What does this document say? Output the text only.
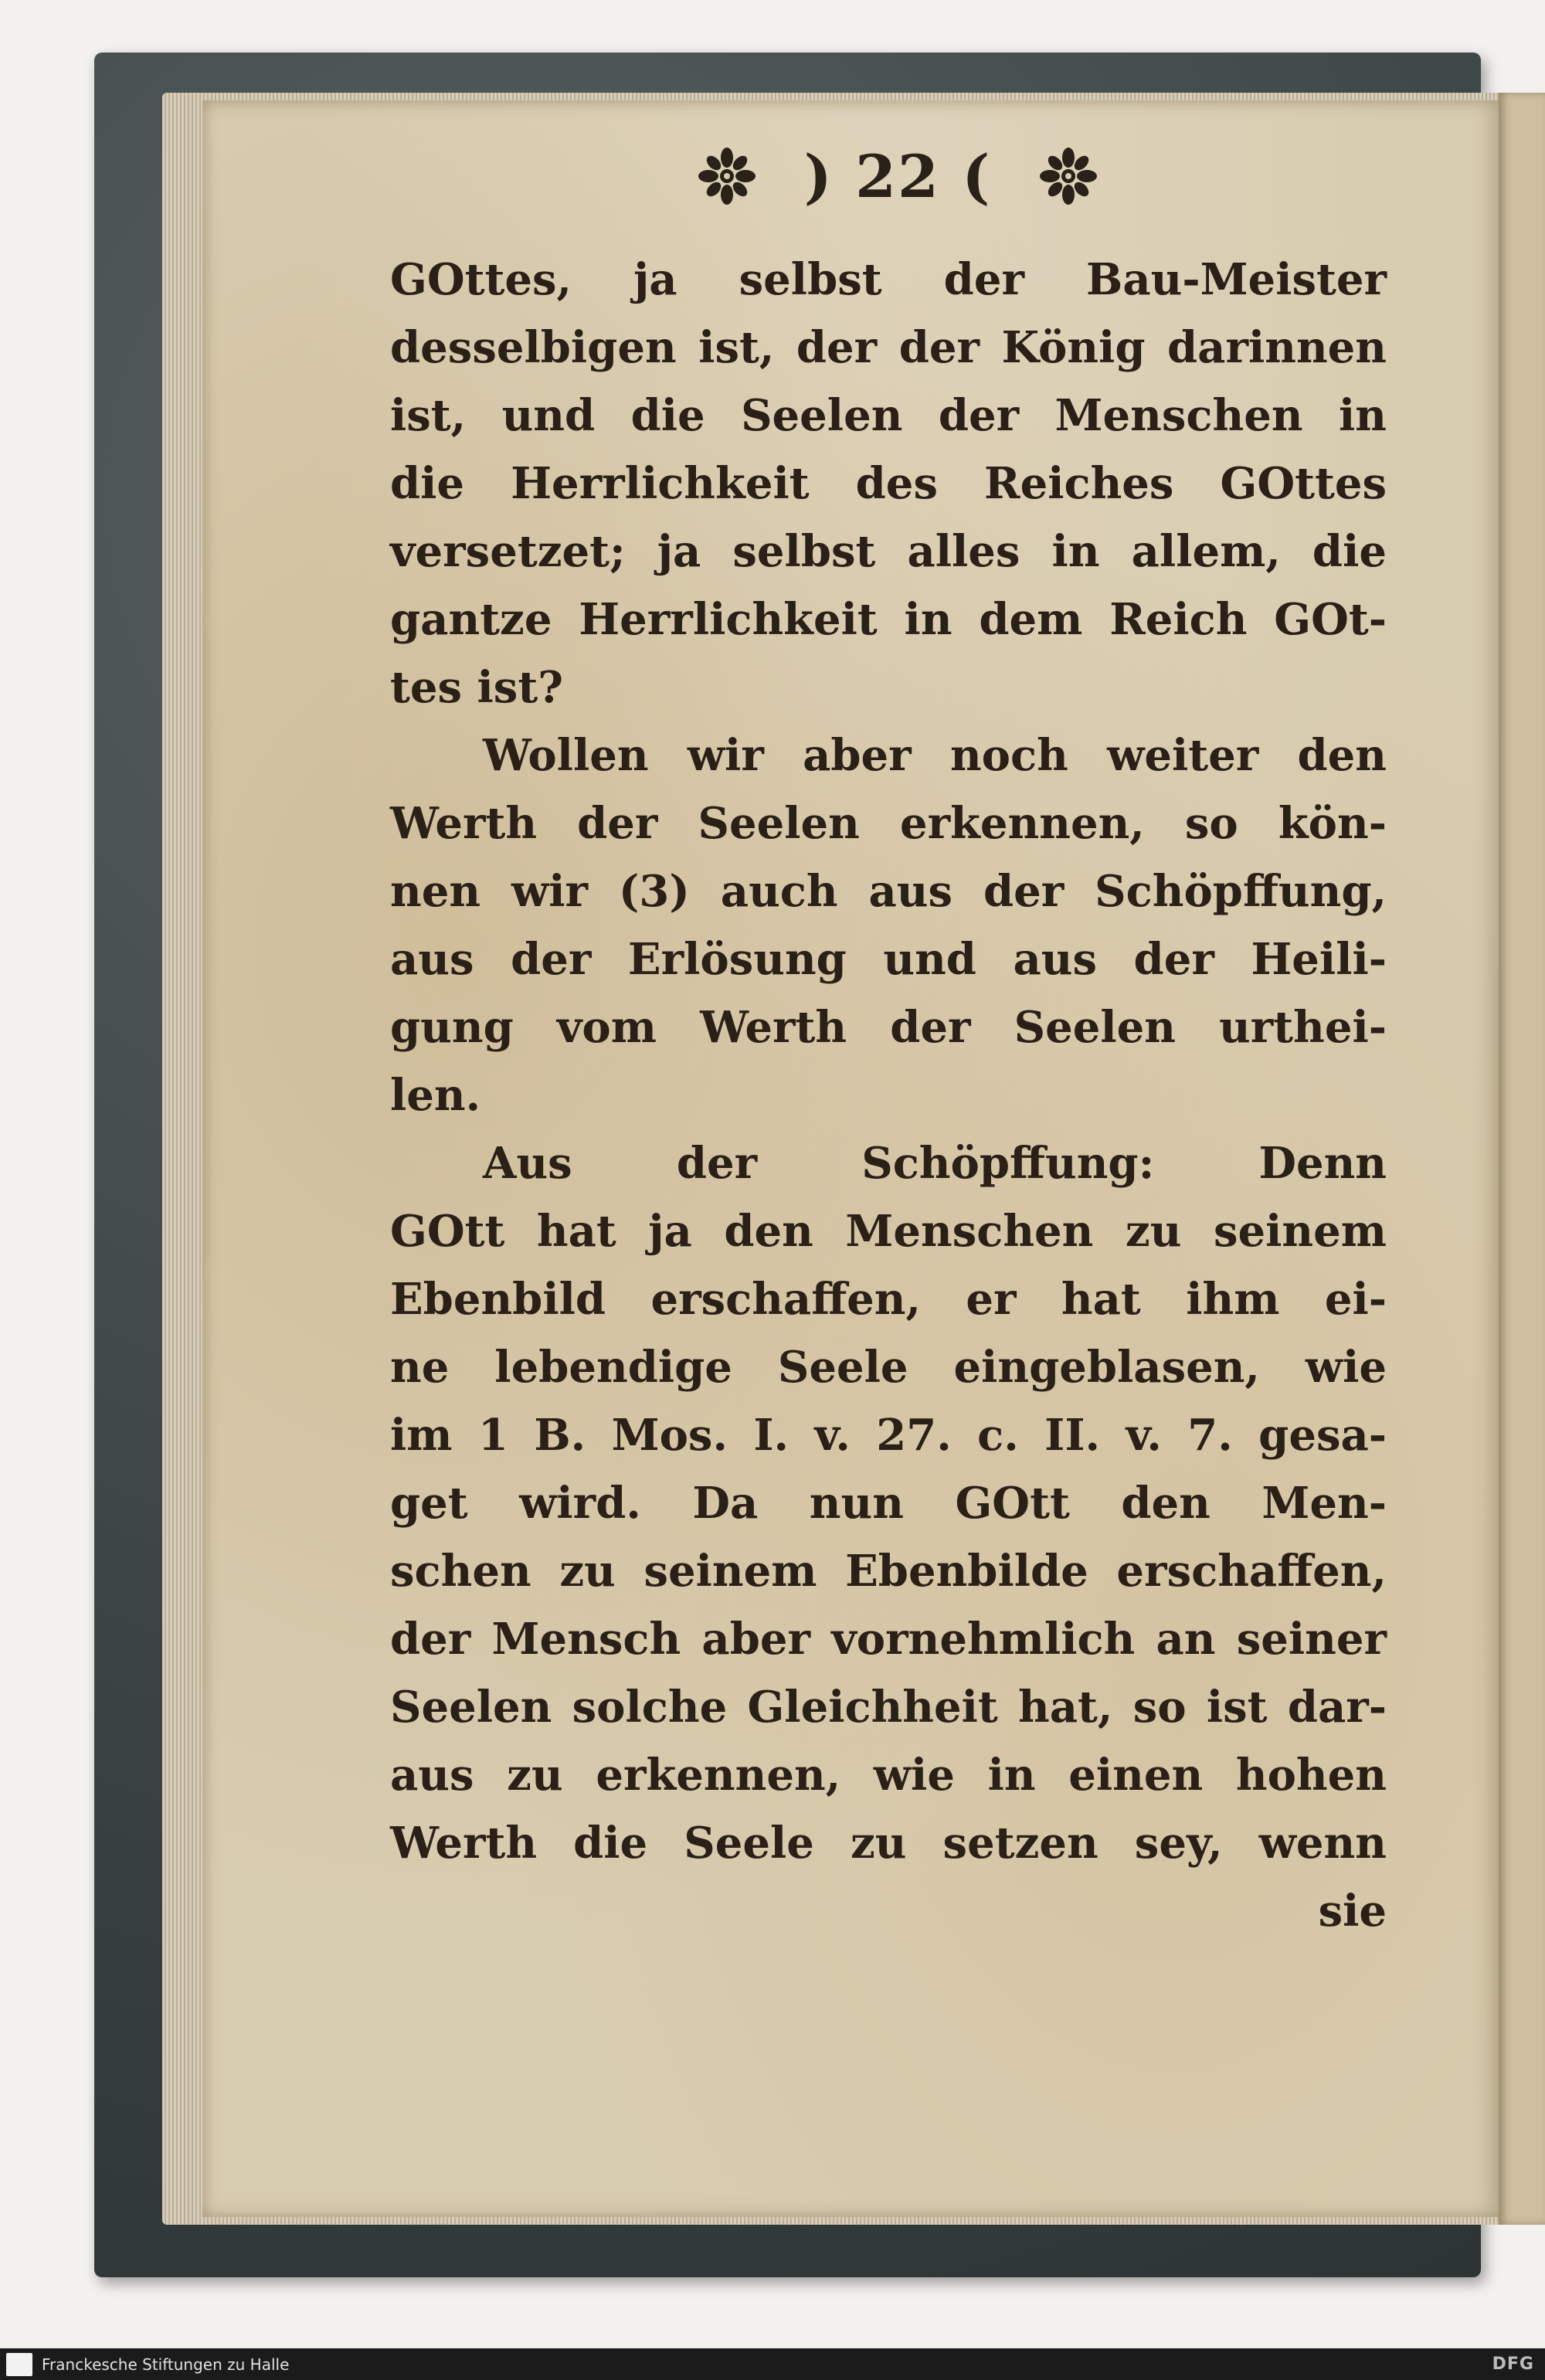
) 22 (
GOttes, ja selbst der Bau-Meister
desselbigen ist, der der König darinnen
ist, und die Seelen der Menschen in
die Herrlichkeit des Reiches GOttes
versetzet; ja selbst alles in allem, die
gantze Herrlichkeit in dem Reich GOt-
tes ist?
Wollen wir aber noch weiter den
Werth der Seelen erkennen, so kön-
nen wir (3) auch aus der Schöpffung,
aus der Erlösung und aus der Heili-
gung vom Werth der Seelen urthei-
len.
Aus der Schöpffung: Denn
GOtt hat ja den Menschen zu seinem
Ebenbild erschaffen, er hat ihm ei-
ne lebendige Seele eingeblasen, wie
im 1 B. Mos. I. v. 27. c. II. v. 7. gesa-
get wird. Da nun GOtt den Men-
schen zu seinem Ebenbilde erschaffen,
der Mensch aber vornehmlich an seiner
Seelen solche Gleichheit hat, so ist dar-
aus zu erkennen, wie in einen hohen
Werth die Seele zu setzen sey, wenn
sie
Franckesche Stiftungen zu Halle	DFG
